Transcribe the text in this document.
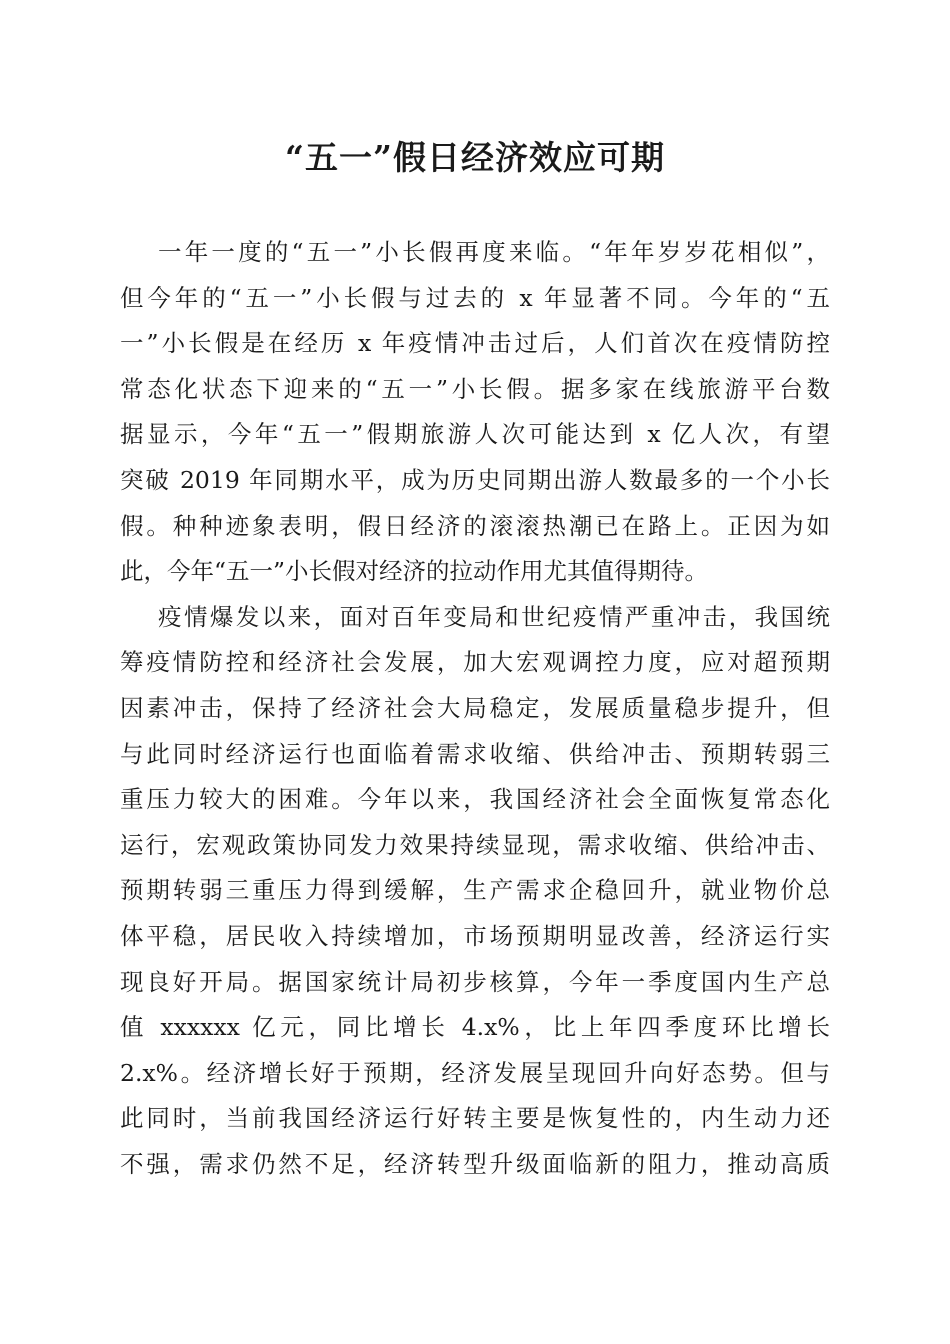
“五一”假日经济效应可期
一年一度的“五一”小长假再度来临。“年年岁岁花相似”，
但今年的“五一”小长假与过去的 x 年显著不同。今年的“五
一”小长假是在经历 x 年疫情冲击过后，人们首次在疫情防控
常态化状态下迎来的“五一”小长假。据多家在线旅游平台数
据显示，今年“五一”假期旅游人次可能达到 x 亿人次，有望
突破 2019 年同期水平，成为历史同期出游人数最多的一个小长
假。种种迹象表明，假日经济的滚滚热潮已在路上。正因为如
此，今年“五一”小长假对经济的拉动作用尤其值得期待。
疫情爆发以来，面对百年变局和世纪疫情严重冲击，我国统
筹疫情防控和经济社会发展，加大宏观调控力度，应对超预期
因素冲击，保持了经济社会大局稳定，发展质量稳步提升，但
与此同时经济运行也面临着需求收缩、供给冲击、预期转弱三
重压力较大的困难。今年以来，我国经济社会全面恢复常态化
运行，宏观政策协同发力效果持续显现，需求收缩、供给冲击、
预期转弱三重压力得到缓解，生产需求企稳回升，就业物价总
体平稳，居民收入持续增加，市场预期明显改善，经济运行实
现良好开局。据国家统计局初步核算，今年一季度国内生产总
值 xxxxxx 亿元，同比增长 4.x%，比上年四季度环比增长
2.x%。经济增长好于预期，经济发展呈现回升向好态势。但与
此同时，当前我国经济运行好转主要是恢复性的，内生动力还
不强，需求仍然不足，经济转型升级面临新的阻力，推动高质
